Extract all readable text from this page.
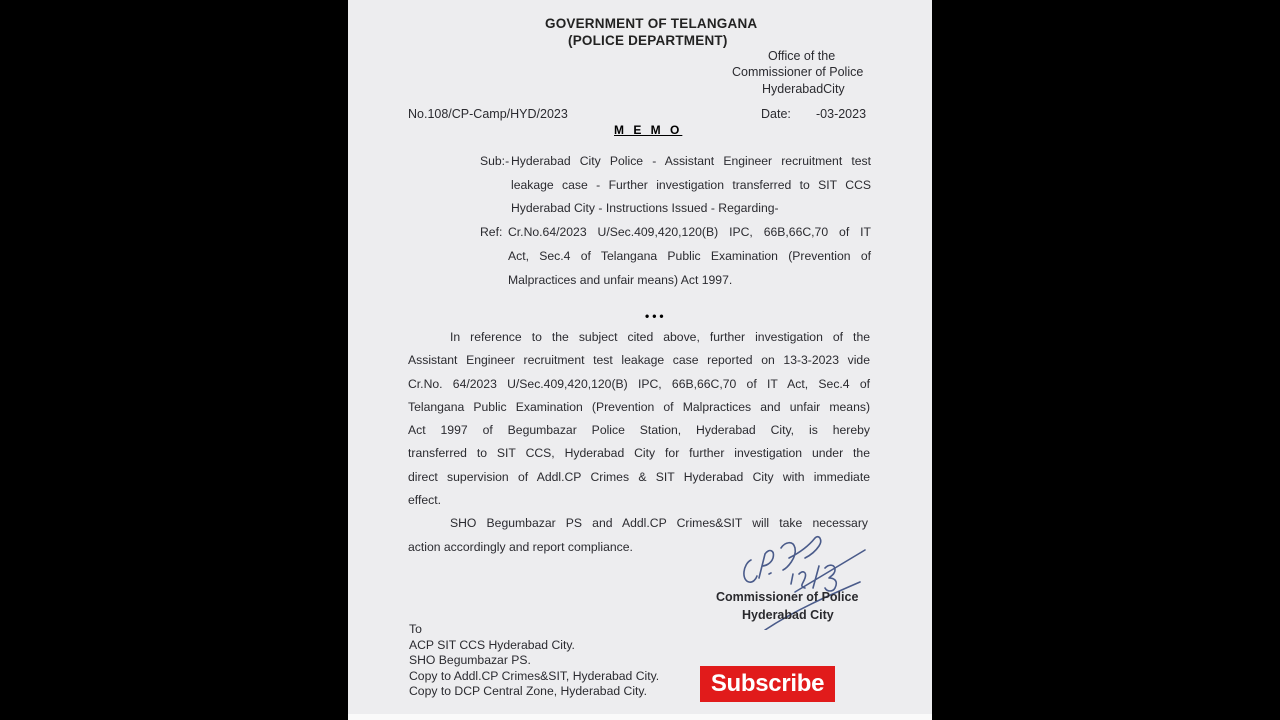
GOVERNMENT OF TELANGANA
(POLICE DEPARTMENT)
Office of the
Commissioner of Police
HyderabadCity
No.108/CP-Camp/HYD/2023	Date: -03-2023
M E M O
Sub:- Hyderabad City Police - Assistant Engineer recruitment test
leakage case - Further investigation transferred to SIT CCS
Hyderabad City - Instructions Issued - Regarding-
Ref: Cr.No.64/2023 U/Sec.409,420,120(B) IPC, 66B,66C,70 of IT
Act, Sec.4 of Telangana Public Examination (Prevention of
Malpractices and unfair means) Act 1997.
•••
In reference to the subject cited above, further investigation of the
Assistant Engineer recruitment test leakage case reported on 13-3-2023 vide
Cr.No. 64/2023 U/Sec.409,420,120(B) IPC, 66B,66C,70 of IT Act, Sec.4 of
Telangana Public Examination (Prevention of Malpractices and unfair means)
Act 1997 of Begumbazar Police Station, Hyderabad City, is hereby
transferred to SIT CCS, Hyderabad City for further investigation under the
direct supervision of Addl.CP Crimes & SIT Hyderabad City with immediate
effect.
SHO Begumbazar PS and Addl.CP Crimes&SIT will take necessary
action accordingly and report compliance.
Commissioner of Police
Hyderabad City
To
ACP SIT CCS Hyderabad City.
SHO Begumbazar PS.
Copy to Addl.CP Crimes&SIT, Hyderabad City.
Copy to DCP Central Zone, Hyderabad City.	Subscribe
